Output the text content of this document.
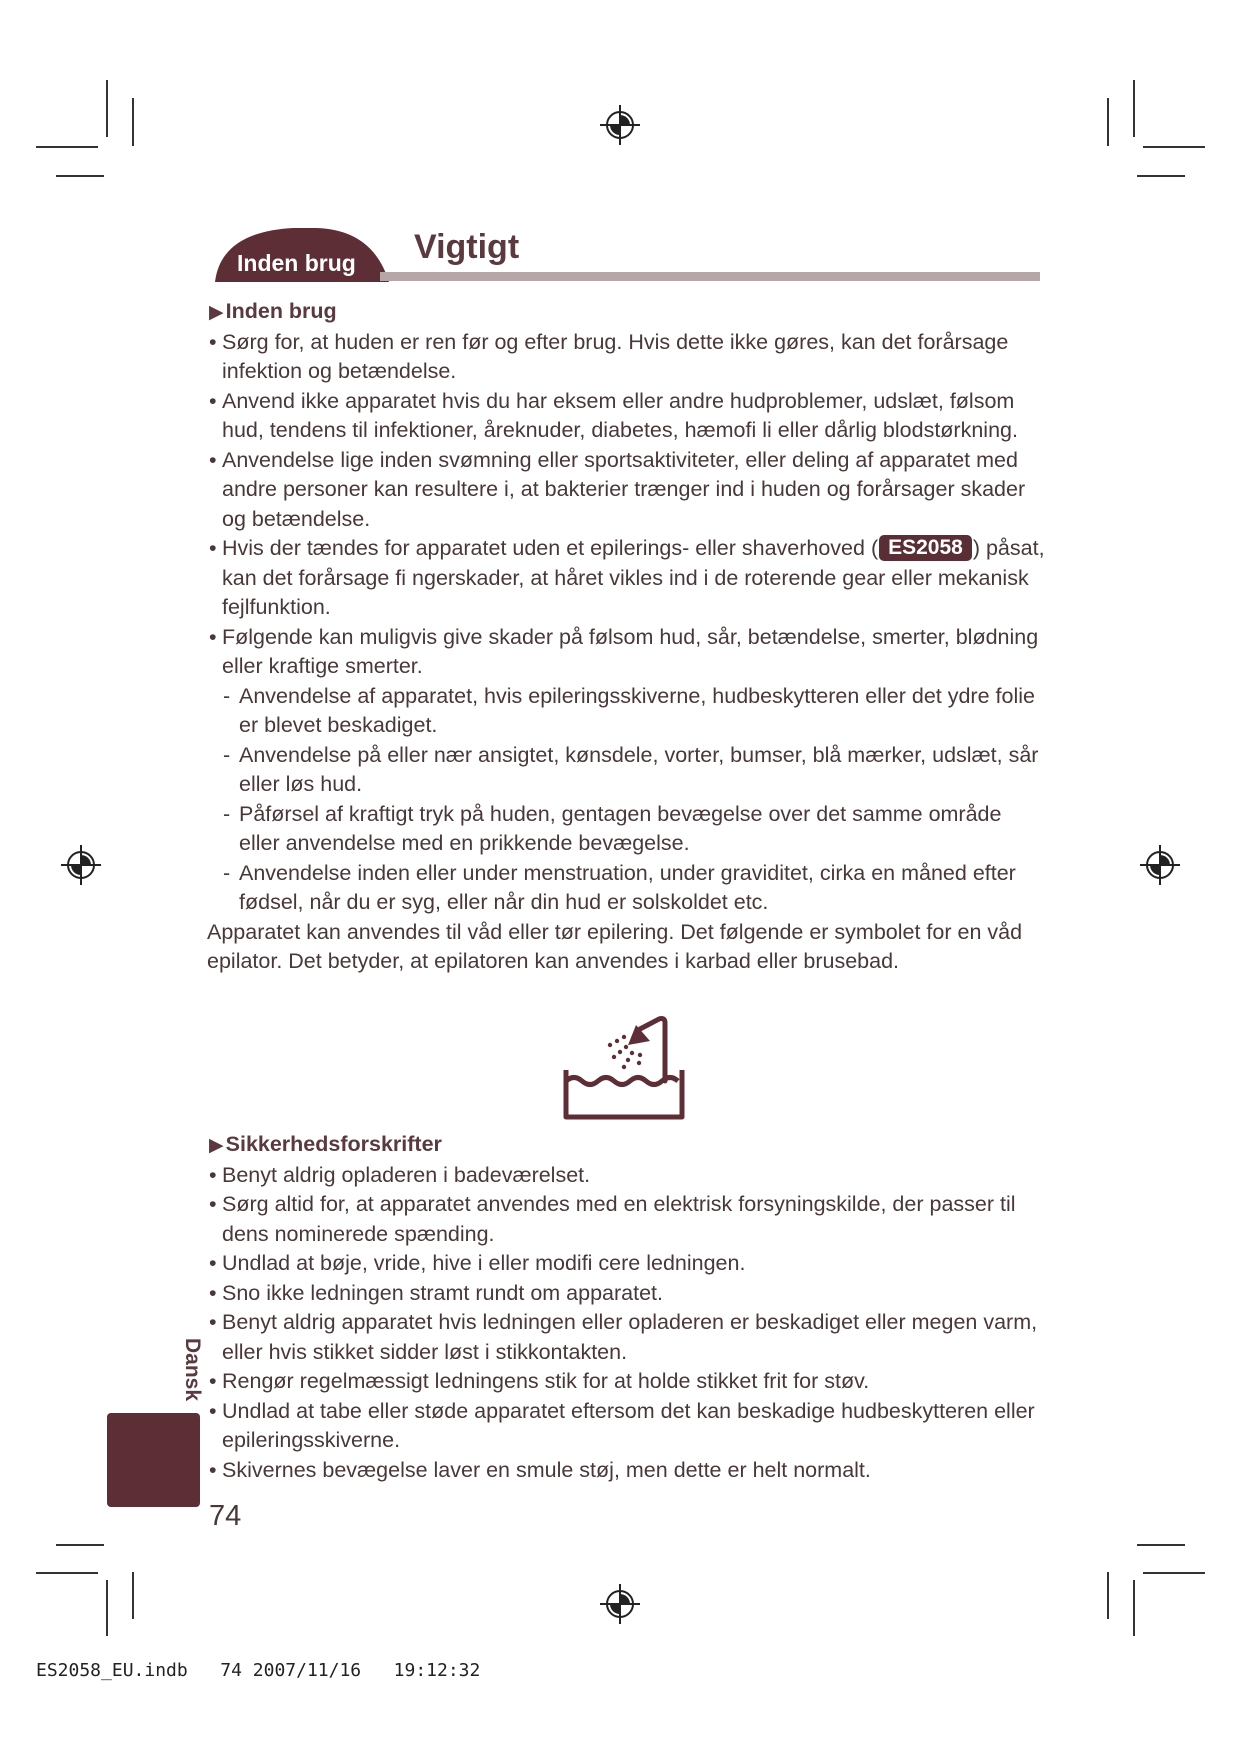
Inden brug Vigtigt
▶Inden brug
• Sørg for, at huden er ren før og efter brug. Hvis dette ikke gøres, kan det forårsage infektion og betændelse.
• Anvend ikke apparatet hvis du har eksem eller andre hudproblemer, udslæt, følsom hud, tendens til infektioner, åreknuder, diabetes, hæmofi li eller dårlig blodstørkning.
• Anvendelse lige inden svømning eller sportsaktiviteter, eller deling af apparatet med andre personer kan resultere i, at bakterier trænger ind i huden og forårsager skader og betændelse.
• Hvis der tændes for apparatet uden et epilerings- eller shaverhoved ( ES2058 ) påsat, kan det forårsage fi ngerskader, at håret vikles ind i de roterende gear eller mekanisk fejlfunktion.
• Følgende kan muligvis give skader på følsom hud, sår, betændelse, smerter, blødning eller kraftige smerter.
- Anvendelse af apparatet, hvis epileringsskiverne, hudbeskytteren eller det ydre folie er blevet beskadiget.
- Anvendelse på eller nær ansigtet, kønsdele, vorter, bumser, blå mærker, udslæt, sår eller løs hud.
- Påførsel af kraftigt tryk på huden, gentagen bevægelse over det samme område eller anvendelse med en prikkende bevægelse.
- Anvendelse inden eller under menstruation, under graviditet, cirka en måned efter fødsel, når du er syg, eller når din hud er solskoldet etc.

Apparatet kan anvendes til våd eller tør epilering. Det følgende er symbolet for en våd epilator. Det betyder, at epilatoren kan anvendes i karbad eller brusebad.

▶Sikkerhedsforskrifter
• Benyt aldrig opladeren i badeværelset.
• Sørg altid for, at apparatet anvendes med en elektrisk forsyningskilde, der passer til dens nominerede spænding.
• Undlad at bøje, vride, hive i eller modifi cere ledningen.
• Sno ikke ledningen stramt rundt om apparatet.
• Benyt aldrig apparatet hvis ledningen eller opladeren er beskadiget eller megen varm, eller hvis stikket sidder løst i stikkontakten.
• Rengør regelmæssigt ledningens stik for at holde stikket frit for støv.
• Undlad at tabe eller støde apparatet eftersom det kan beskadige hudbeskytteren eller epileringsskiverne.
• Skivernes bevægelse laver en smule støj, men dette er helt normalt.
Dansk
74
ES2058_EU.indb 74 2007/11/16 19:12:32
